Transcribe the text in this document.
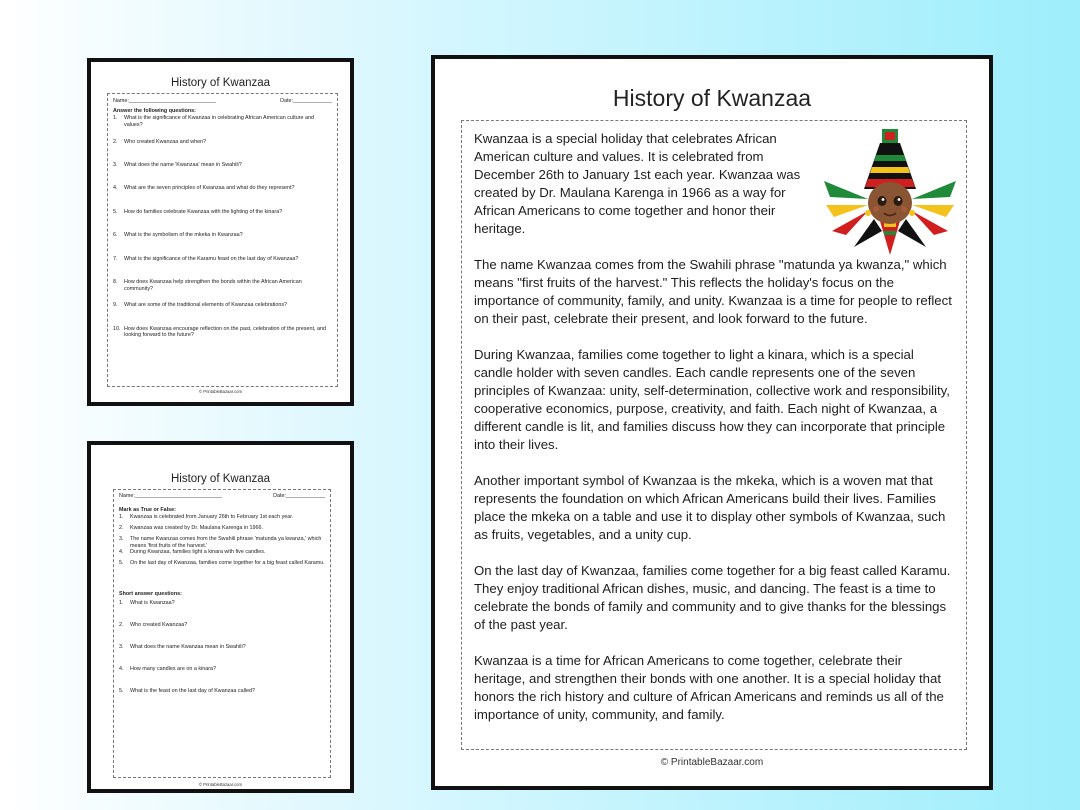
History of Kwanzaa
Name:_____________________________	Date:_____________
Answer the following questions:
1.	What is the significance of Kwanzaa in celebrating African American culture and values?
2.	Who created Kwanzaa and when?
3.	What does the name 'Kwanzaa' mean in Swahili?
4.	What are the seven principles of Kwanzaa and what do they represent?
5.	How do families celebrate Kwanzaa with the lighting of the kinara?
6.	What is the symbolism of the mkeka in Kwanzaa?
7.	What is the significance of the Karamu feast on the last day of Kwanzaa?
8.	How does Kwanzaa help strengthen the bonds within the African American community?
9.	What are some of the traditional elements of Kwanzaa celebrations?
10. How does Kwanzaa encourage reflection on the past, celebration of the present, and looking forward to the future?
© PrintableBazaar.com
History of Kwanzaa
Name:_____________________________	Date:_____________
Mark as True or False:
1.	Kwanzaa is celebrated from January 26th to February 1st each year.
2.	Kwanzaa was created by Dr. Maulana Karenga in 1966.
3.	The name Kwanzaa comes from the Swahili phrase 'matunda ya kwanza,' which means 'first fruits of the harvest.'
4.	During Kwanzaa, families light a kinara with five candles.
5.	On the last day of Kwanzaa, families come together for a big feast called Karamu.
Short answer questions:
1.	What is Kwanzaa?
2.	Who created Kwanzaa?
3.	What does the name Kwanzaa mean in Swahili?
4.	How many candles are on a kinara?
5.	What is the feast on the last day of Kwanzaa called?
© PrintableBazaar.com
History of Kwanzaa

Kwanzaa is a special holiday that celebrates African American culture and values. It is celebrated from December 26th to January 1st each year. Kwanzaa was created by Dr. Maulana Karenga in 1966 as a way for African Americans to come together and honor their heritage.

The name Kwanzaa comes from the Swahili phrase "matunda ya kwanza," which means "first fruits of the harvest." This reflects the holiday's focus on the importance of community, family, and unity. Kwanzaa is a time for people to reflect on their past, celebrate their present, and look forward to the future.

During Kwanzaa, families come together to light a kinara, which is a special candle holder with seven candles. Each candle represents one of the seven principles of Kwanzaa: unity, self-determination, collective work and responsibility, cooperative economics, purpose, creativity, and faith. Each night of Kwanzaa, a different candle is lit, and families discuss how they can incorporate that principle into their lives.

Another important symbol of Kwanzaa is the mkeka, which is a woven mat that represents the foundation on which African Americans build their lives. Families place the mkeka on a table and use it to display other symbols of Kwanzaa, such as fruits, vegetables, and a unity cup.

On the last day of Kwanzaa, families come together for a big feast called Karamu. They enjoy traditional African dishes, music, and dancing. The feast is a time to celebrate the bonds of family and community and to give thanks for the blessings of the past year.

Kwanzaa is a time for African Americans to come together, celebrate their heritage, and strengthen their bonds with one another. It is a special holiday that honors the rich history and culture of African Americans and reminds us all of the importance of unity, community, and family.

© PrintableBazaar.com
